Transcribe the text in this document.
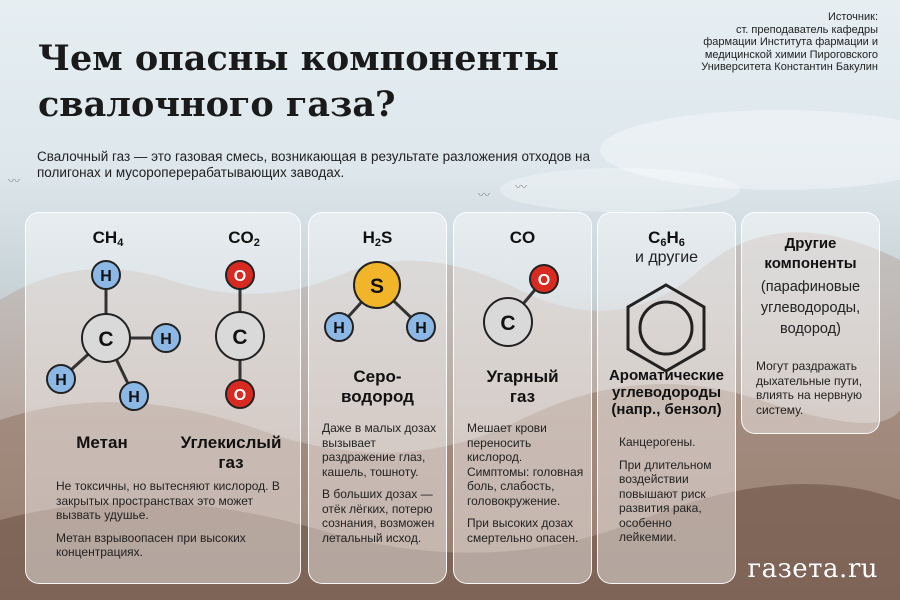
〰
〰
〰
Чем опасны компоненты свалочного газа?
Источник:
ст. преподаватель кафедры
фармации Института фармации и
медицинской химии Пироговского
Университета Константин Бакулин
Свалочный газ — это газовая смесь, возникающая в результате разложения отходов на полигонах и мусороперерабатывающих заводах.
$CH_4$	$CO_2$
C
H
H
H
H
C
O
O
Метан	Углекислый газ

Не токсичны, но вытесняют кислород. В закрытых пространствах это может вызвать удушье.

Метан взрывоопасен при высоких концентрациях.

$H_2S$
S
H	H
Серо-
водород

Даже в малых дозах вызывает раздражение глаз, кашель, тошноту.

В больших дозах — отёк лёгких, потерю сознания, возможен летальный исход.

CO
C
O
Угарный
газ

Мешает крови переносить кислород. Симптомы: головная боль, слабость, головокружение.

При высоких дозах смертельно опасен.

$C_6H_6$
и другие
Ароматические
углеводороды
(напр., бензол)

Канцерогены.

При длительном воздействии повышают риск развития рака, особенно лейкемии.

Другие
компоненты
(парафиновые углеводороды, водород)

Могут раздражать дыхательные пути, влиять на нервную систему.

газета.ru
